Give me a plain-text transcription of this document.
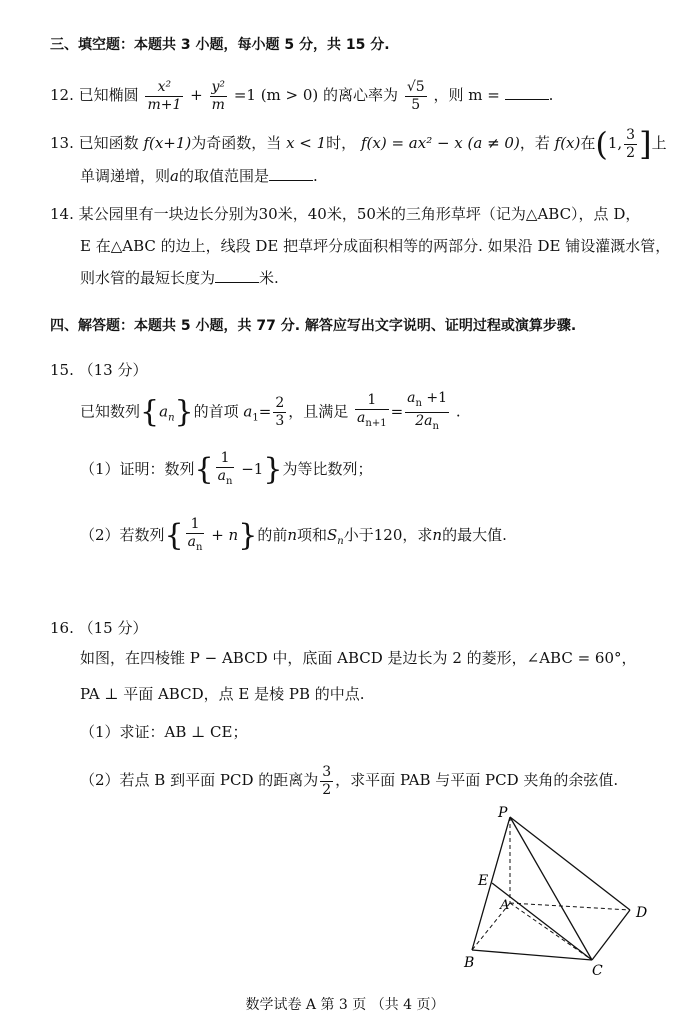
三、填空题：本题共 3 小题，每小题 5 分，共 15 分.
12. 已知椭圆 $\frac{\text{x²}}{m+1} + \frac{\text{y²}}{m} =1$ (m > 0) 的离心率为 $\frac{√5}{5}$ ，则 m =	.
13. 已知函数 f(x+1)为奇函数，当 x < 1时， f(x) = ax² − x (a ≠ 0)，若 f(x)在(1, $\frac{3}{2}$ ]上
单调递增，则a的取值范围是	.
14. 某公园里有一块边长分别为30米，40米，50米的三角形草坪（记为△ABC），点 D，
E 在△ABC 的边上，线段 DE 把草坪分成面积相等的两部分. 如果沿 DE 铺设灌溉水管，
则水管的最短长度为	米.
四、解答题：本题共 5 小题，共 77 分. 解答应写出文字说明、证明过程或演算步骤.
15. （13 分）
已知数列$\{a_n\}$的首项 $a_1= \frac{2}{3}$ ，且满足 $\frac{1}{a_{n+1}} = \frac{a_n +1}{2a_n}$ .
（1）证明：数列{ $\frac{1}{a_n} -1$}为等比数列；
（2）若数列{ $\frac{1}{a_n} + n$}的前n项和$S_n$小于120，求n的最大值.
16. （15 分）
如图，在四棱锥 P − ABCD 中，底面 ABCD 是边长为 2 的菱形，∠ABC = 60°，
PA ⊥ 平面 ABCD，点 E 是棱 PB 的中点.
（1）求证：AB ⊥ CE；
（2）若点 B 到平面 PCD 的距离为 $\frac{3}{2}$ ，求平面 PAB 与平面 PCD 夹角的余弦值.
P
E
A	D
B	C
数学试卷 A 第 3 页 （共 4 页）
